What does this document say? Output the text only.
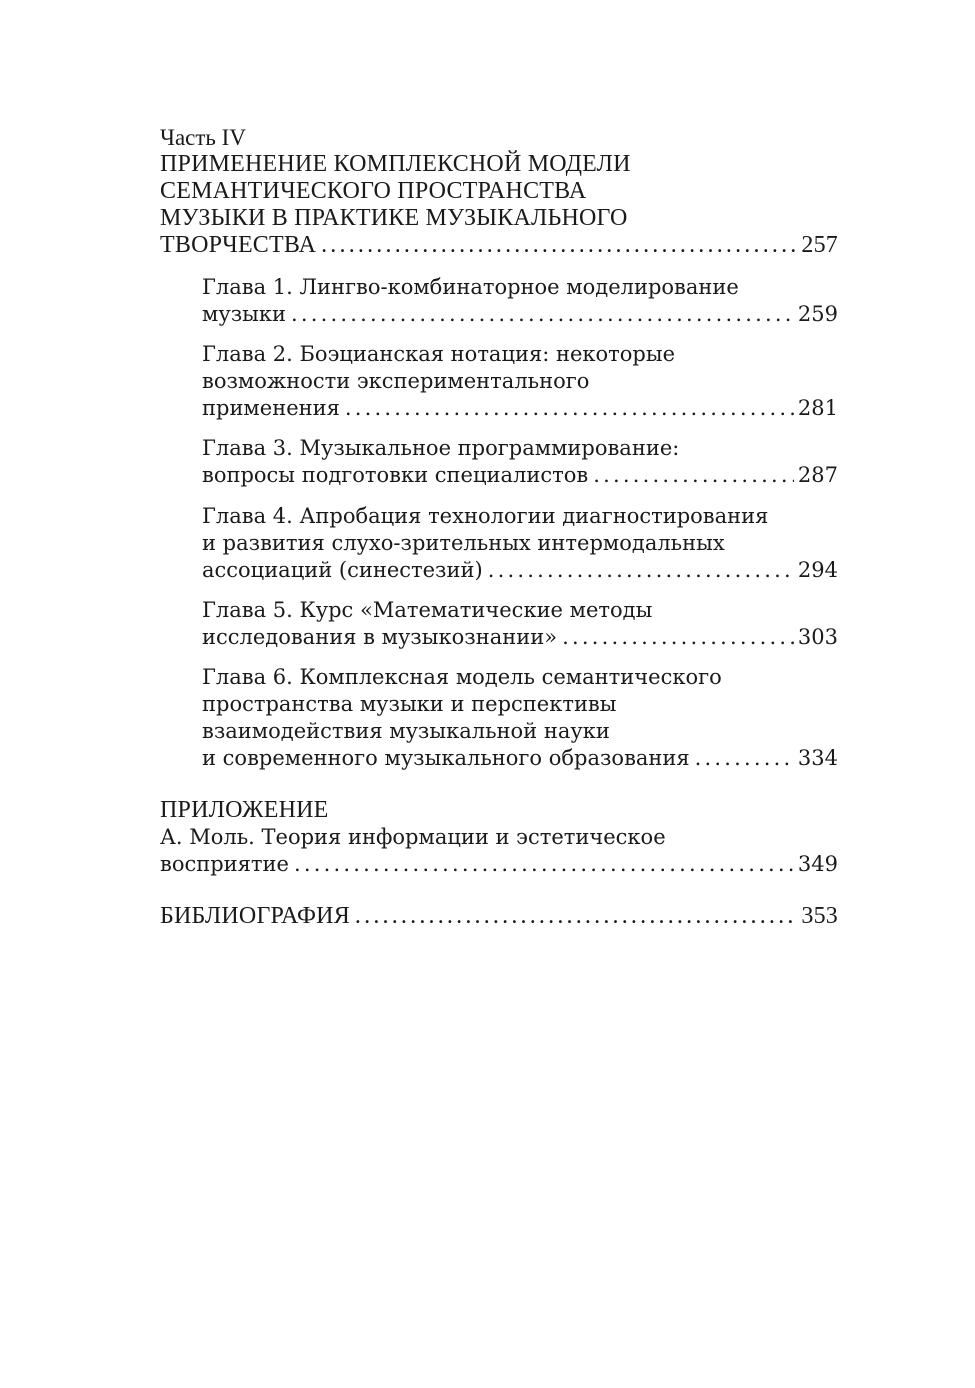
Часть IV
ПРИМЕНЕНИЕ КОМПЛЕКСНОЙ МОДЕЛИ
СЕМАНТИЧЕСКОГО ПРОСТРАНСТВА
МУЗЫКИ В ПРАКТИКЕ МУЗЫКАЛЬНОГО
ТВОРЧЕСТВА .....	257
Глава 1. Лингво-комбинаторное моделирование
музыки .....	259
Глава 2. Боэцианская нотация: некоторые
возможности экспериментального
применения .....	281
Глава 3. Музыкальное программирование:
вопросы подготовки специалистов .....	287
Глава 4. Апробация технологии диагностирования
и развития слухо-зрительных интермодальных
ассоциаций (синестезий) .....	294
Глава 5. Курс «Математические методы
исследования в музыкознании» .....	303
Глава 6. Комплексная модель семантического
пространства музыки и перспективы
взаимодействия музыкальной науки
и современного музыкального образования .....	334
ПРИЛОЖЕНИЕ
А. Моль. Теория информации и эстетическое
восприятие .....	349
БИБЛИОГРАФИЯ .....	353
